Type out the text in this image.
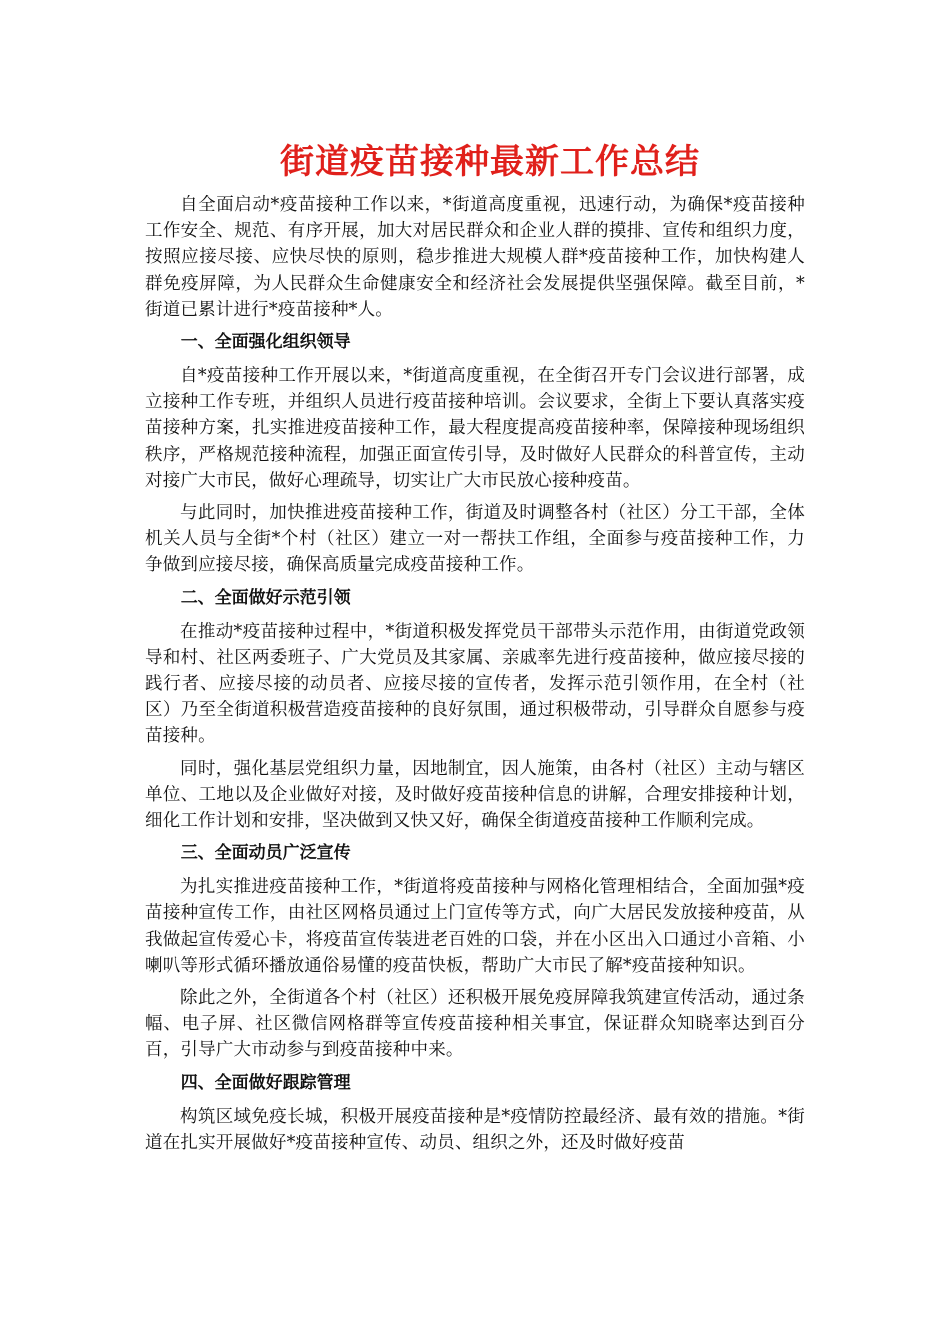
街道疫苗接种最新工作总结

自全面启动*疫苗接种工作以来，*街道高度重视，迅速行动，为确保*疫苗接种工作安全、规范、有序开展，加大对居民群众和企业人群的摸排、宣传和组织力度，按照应接尽接、应快尽快的原则，稳步推进大规模人群*疫苗接种工作，加快构建人群免疫屏障，为人民群众生命健康安全和经济社会发展提供坚强保障。截至目前，*街道已累计进行*疫苗接种*人。

一、全面强化组织领导

自*疫苗接种工作开展以来，*街道高度重视，在全街召开专门会议进行部署，成立接种工作专班，并组织人员进行疫苗接种培训。会议要求，全街上下要认真落实疫苗接种方案，扎实推进疫苗接种工作，最大程度提高疫苗接种率，保障接种现场组织秩序，严格规范接种流程，加强正面宣传引导，及时做好人民群众的科普宣传，主动对接广大市民，做好心理疏导，切实让广大市民放心接种疫苗。

与此同时，加快推进疫苗接种工作，街道及时调整各村（社区）分工干部，全体机关人员与全街*个村（社区）建立一对一帮扶工作组，全面参与疫苗接种工作，力争做到应接尽接，确保高质量完成疫苗接种工作。

二、全面做好示范引领

在推动*疫苗接种过程中，*街道积极发挥党员干部带头示范作用，由街道党政领导和村、社区两委班子、广大党员及其家属、亲戚率先进行疫苗接种，做应接尽接的践行者、应接尽接的动员者、应接尽接的宣传者，发挥示范引领作用，在全村（社区）乃至全街道积极营造疫苗接种的良好氛围，通过积极带动，引导群众自愿参与疫苗接种。

同时，强化基层党组织力量，因地制宜，因人施策，由各村（社区）主动与辖区单位、工地以及企业做好对接，及时做好疫苗接种信息的讲解，合理安排接种计划，细化工作计划和安排，坚决做到又快又好，确保全街道疫苗接种工作顺利完成。

三、全面动员广泛宣传

为扎实推进疫苗接种工作，*街道将疫苗接种与网格化管理相结合，全面加强*疫苗接种宣传工作，由社区网格员通过上门宣传等方式，向广大居民发放接种疫苗，从我做起宣传爱心卡，将疫苗宣传装进老百姓的口袋，并在小区出入口通过小音箱、小喇叭等形式循环播放通俗易懂的疫苗快板，帮助广大市民了解*疫苗接种知识。

除此之外，全街道各个村（社区）还积极开展免疫屏障我筑建宣传活动，通过条幅、电子屏、社区微信网格群等宣传疫苗接种相关事宜，保证群众知晓率达到百分百，引导广大市动参与到疫苗接种中来。

四、全面做好跟踪管理

构筑区域免疫长城，积极开展疫苗接种是*疫情防控最经济、最有效的措施。*街道在扎实开展做好*疫苗接种宣传、动员、组织之外，还及时做好疫苗
